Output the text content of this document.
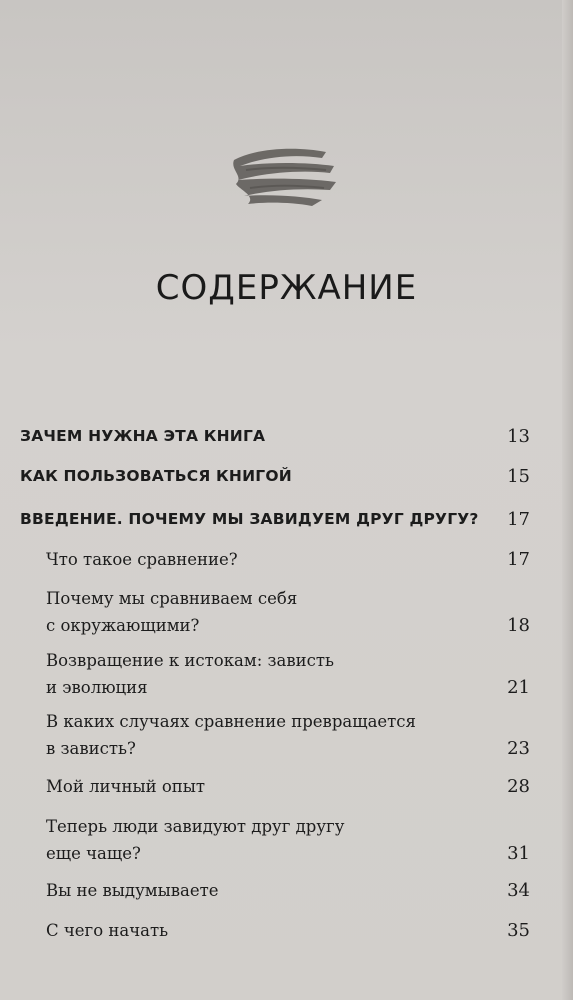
СОДЕРЖАНИЕ
ЗАЧЕМ НУЖНА ЭТА КНИГА	13
КАК ПОЛЬЗОВАТЬСЯ КНИГОЙ	15
ВВЕДЕНИЕ. ПОЧЕМУ МЫ ЗАВИДУЕМ ДРУГ ДРУГУ? 17
Что такое сравнение?	17
Почему мы сравниваем себя
с окружающими?	18
Возвращение к истокам: зависть
и эволюция	21
В каких случаях сравнение превращается
в зависть?	23
Мой личный опыт	28
Теперь люди завидуют друг другу
еще чаще?	31
Вы не выдумываете	34
С чего начать	35
